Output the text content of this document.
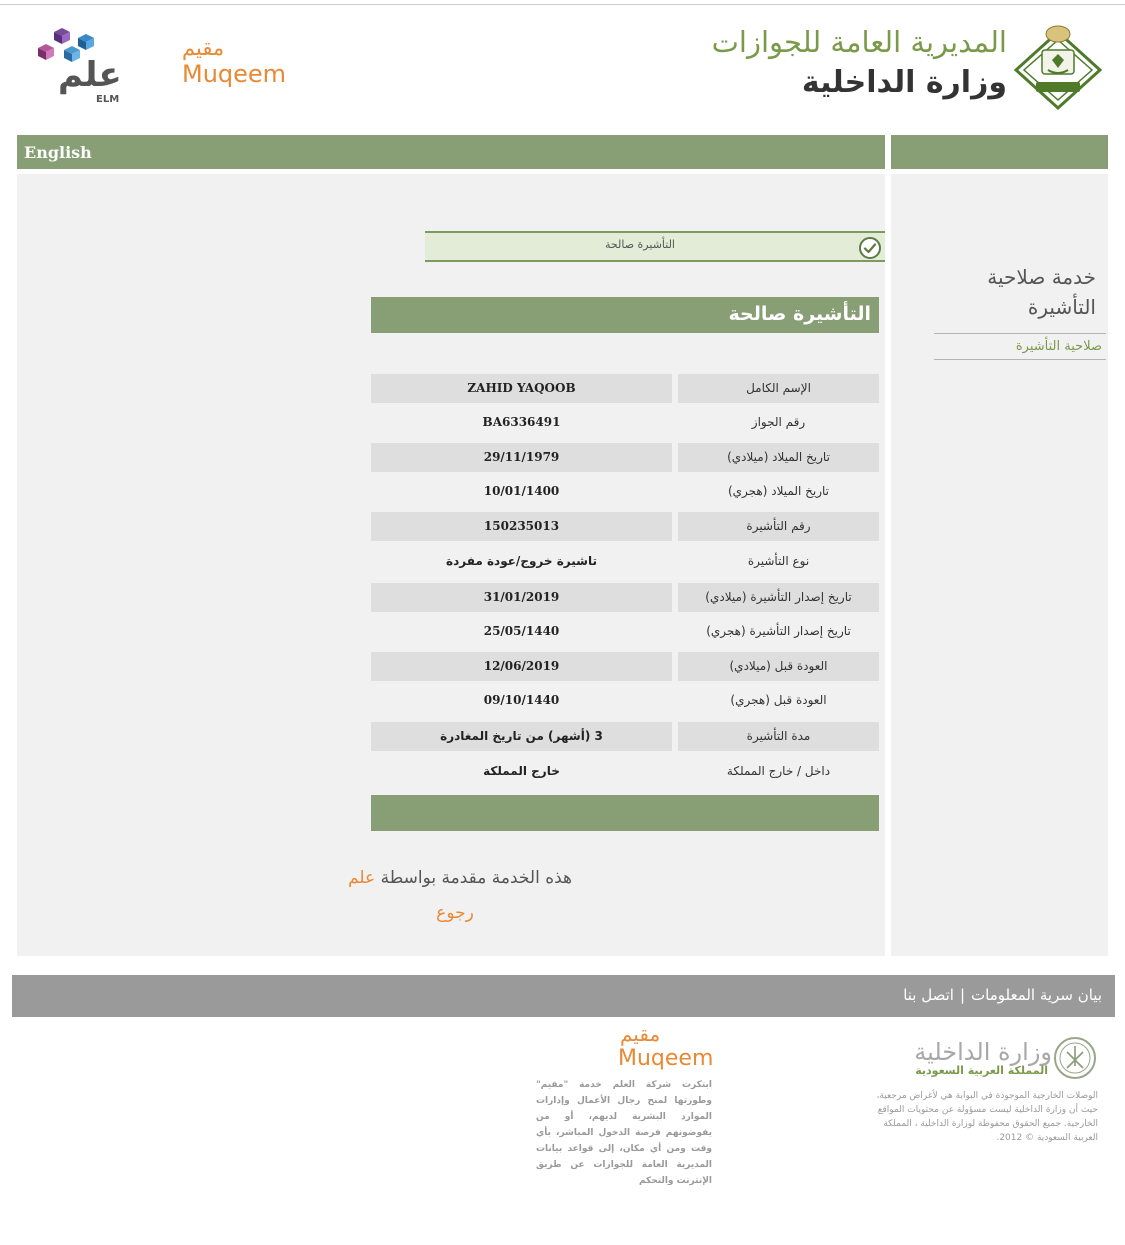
علم
ELM
مقيم
Muqeem
المديرية العامة للجوازات
وزارة الداخلية
English
خدمة صلاحية التأشيرة
صلاحية التأشيرة
التأشيرة صالحة
التأشيرة صالحة
ZAHID YAQOOB	الإسم الكامل
BA6336491	رقم الجواز
29/11/1979	تاريخ الميلاد (ميلادي)
10/01/1400	تاريخ الميلاد (هجري)
150235013	رقم التأشيرة
تاشيرة خروج/عودة مفردة	نوع التأشيرة
31/01/2019	تاريخ إصدار التأشيرة (ميلادي)
25/05/1440	تاريخ إصدار التأشيرة (هجري)
12/06/2019	العودة قبل (ميلادي)
09/10/1440	العودة قبل (هجري)
3 (أشهر) من تاريخ المغادرة	مدة التأشيرة
خارج المملكة	داخل / خارج المملكة
هذه الخدمة مقدمة بواسطة علم
رجوع
بيان سرية المعلومات|اتصل بنا
مقيم
Muqeem
ابتكرت شركة العلم خدمة "مقيم" وطورتها لمنح رجال الأعمال وإدارات الموارد البشرية لديهم، أو من يفوضونهم فرصة الدخول المباشر، بأي وقت ومن أي مكان، إلى قواعد بيانات المديرية العامة للجوازات عن طريق الإنترنت والتحكم
وزارة الداخلية
المملكة العربية السعودية
الوصلات الخارجية الموجودة في البوابة هي لأغراض مرجعية، حيث أن وزارة الداخلية ليست مسؤولة عن محتويات المواقع الخارجية. جميع الحقوق محفوظة لوزارة الداخلية ، المملكة العربية السعودية © 2012.
